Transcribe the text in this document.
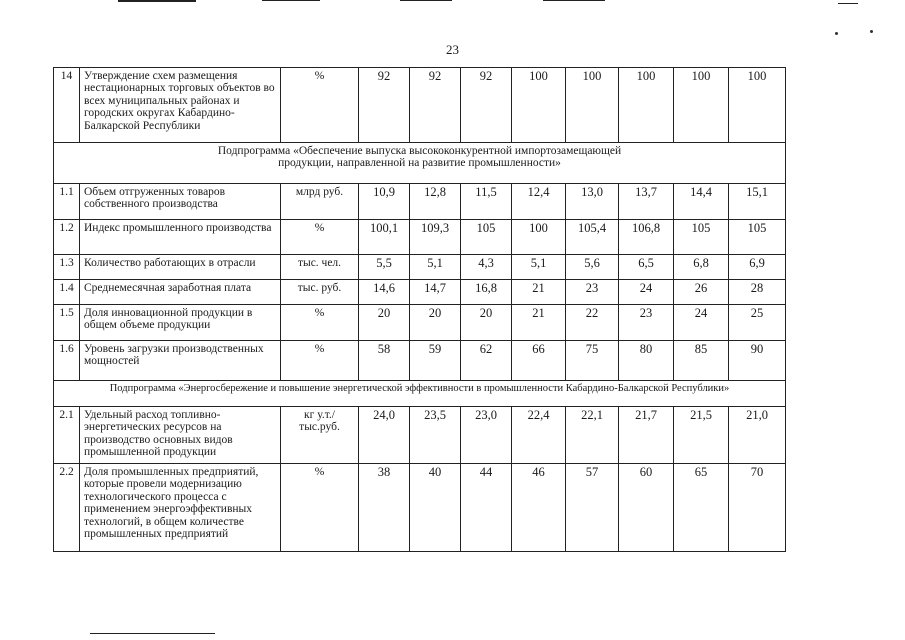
23
14	Утверждение схем размещения нестационарных торговых объектов во всех муниципальных районах и городских округах Кабардино-Балкарской Республики	%	92	92	92	100	100	100	100	100
Подпрограмма «Обеспечение выпуска высококонкурентной импортозамещающей продукции, направленной на развитие промышленности»										
1.1	Объем отгруженных товаров собственного производства	млрд руб.	10,9	12,8	11,5	12,4	13,0	13,7	14,4	15,1
1.2	Индекс промышленного производства	%	100,1	109,3	105	100	105,4	106,8	105	105
1.3	Количество работающих в отрасли	тыс. чел.	5,5	5,1	4,3	5,1	5,6	6,5	6,8	6,9
1.4	Среднемесячная заработная плата	тыс. руб.	14,6	14,7	16,8	21	23	24	26	28
1.5	Доля инновационной продукции в общем объеме продукции	%	20	20	20	21	22	23	24	25
1.6	Уровень загрузки производственных мощностей	%	58	59	62	66	75	80	85	90
Подпрограмма «Энергосбережение и повышение энергетической эффективности в промышленности Кабардино-Балкарской Республики»										
2.1	Удельный расход топливно-энергетических ресурсов на производство основных видов промышленной продукции	кг у.т./ тыс.руб.	24,0	23,5	23,0	22,4	22,1	21,7	21,5	21,0
2.2	Доля промышленных предприятий, которые провели модернизацию технологического процесса с применением энергоэффективных технологий, в общем количестве промышленных предприятий	%	38	40	44	46	57	60	65	70
